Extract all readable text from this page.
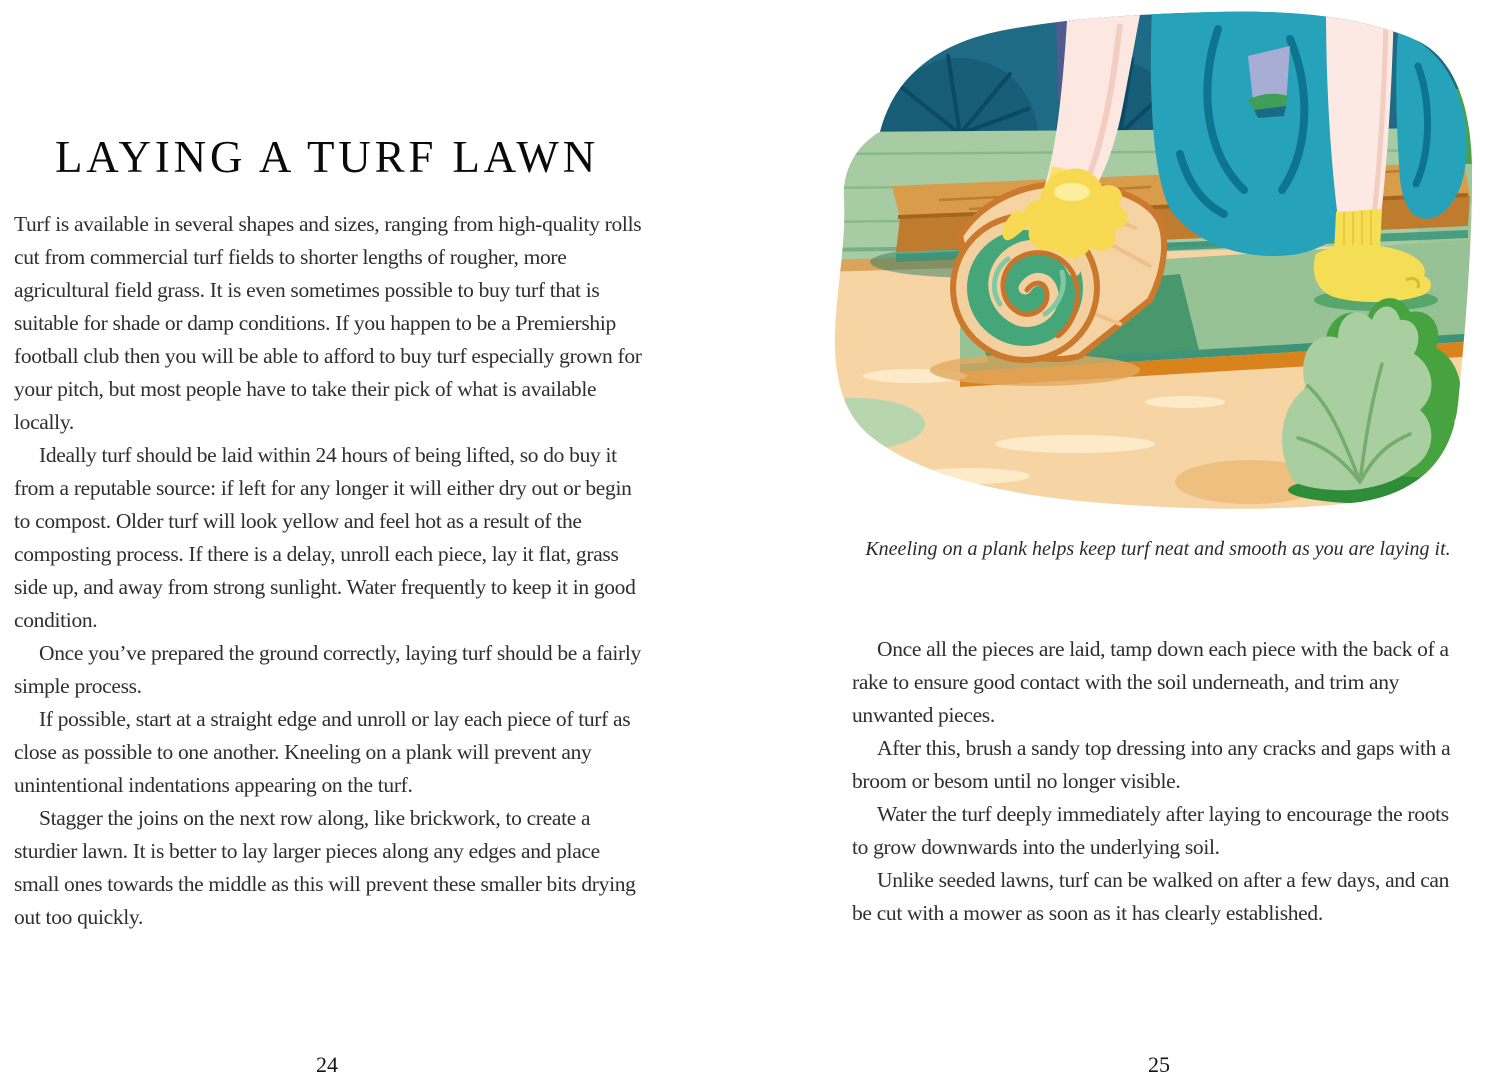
LAYING A TURF LAWN

Turf is available in several shapes and sizes, ranging from high-quality rolls cut from commercial turf fields to shorter lengths of rougher, more agricultural field grass. It is even sometimes possible to buy turf that is suitable for shade or damp conditions. If you happen to be a Premiership football club then you will be able to afford to buy turf especially grown for your pitch, but most people have to take their pick of what is available locally.

Ideally turf should be laid within 24 hours of being lifted, so do buy it from a reputable source: if left for any longer it will either dry out or begin to compost. Older turf will look yellow and feel hot as a result of the composting process. If there is a delay, unroll each piece, lay it flat, grass side up, and away from strong sunlight. Water frequently to keep it in good condition.

Once you’ve prepared the ground correctly, laying turf should be a fairly simple process.

If possible, start at a straight edge and unroll or lay each piece of turf as close as possible to one another. Kneeling on a plank will prevent any unintentional indentations appearing on the turf.

Stagger the joins on the next row along, like brickwork, to create a sturdier lawn. It is better to lay larger pieces along any edges and place small ones towards the middle as this will prevent these smaller bits drying out too quickly.

24
Kneeling on a plank helps keep turf neat and smooth as you are laying it.

Once all the pieces are laid, tamp down each piece with the back of a rake to ensure good contact with the soil underneath, and trim any unwanted pieces.

After this, brush a sandy top dressing into any cracks and gaps with a broom or besom until no longer visible.

Water the turf deeply immediately after laying to encourage the roots to grow downwards into the underlying soil.

Unlike seeded lawns, turf can be walked on after a few days, and can be cut with a mower as soon as it has clearly established.

25
